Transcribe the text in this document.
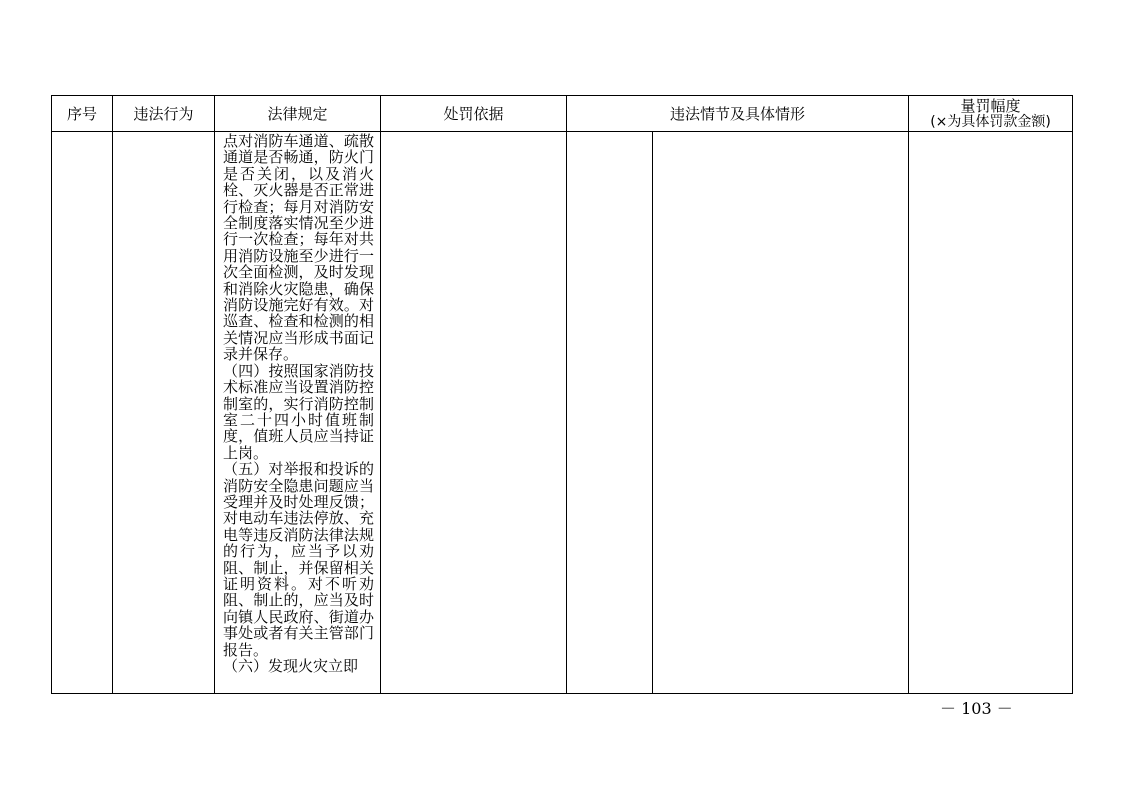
序号	违法行为	法律规定	处罚依据	违法情节及具体情形		量罚幅度
(×为具体罚款金额)

		点对消防车通道、疏散通道是否畅通，防火门是否关闭，以及消火栓、灭火器是否正常进行检查；每月对消防安全制度落实情况至少进行一次检查；每年对共用消防设施至少进行一次全面检测，及时发现和消除火灾隐患，确保消防设施完好有效。对巡查、检查和检测的相关情况应当形成书面记录并保存。
（四）按照国家消防技术标准应当设置消防控制室的，实行消防控制室二十四小时值班制度，值班人员应当持证上岗。
（五）对举报和投诉的消防安全隐患问题应当受理并及时处理反馈；对电动车违法停放、充电等违反消防法律法规的行为，应当予以劝阻、制止，并保留相关证明资料。对不听劝阻、制止的，应当及时向镇人民政府、街道办事处或者有关主管部门报告。
（六）发现火灾立即				

－ 103 －
